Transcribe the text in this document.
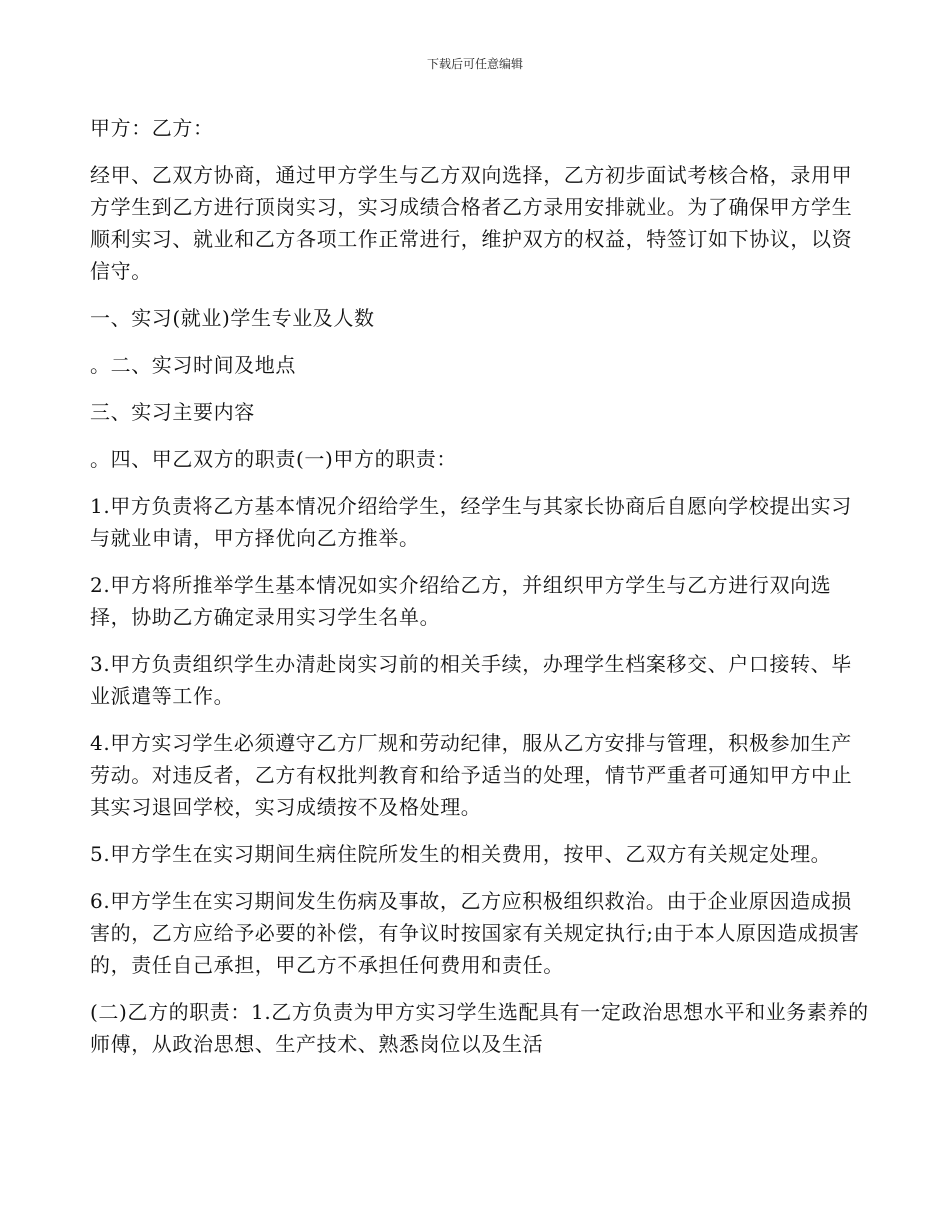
下载后可任意编辑

甲方：乙方：

经甲、乙双方协商，通过甲方学生与乙方双向选择，乙方初步面试考核合格，录用甲方学生到乙方进行顶岗实习，实习成绩合格者乙方录用安排就业。为了确保甲方学生顺利实习、就业和乙方各项工作正常进行，维护双方的权益，特签订如下协议，以资信守。

一、实习(就业)学生专业及人数

。二、实习时间及地点

三、实习主要内容

。四、甲乙双方的职责(一)甲方的职责：

1.甲方负责将乙方基本情况介绍给学生，经学生与其家长协商后自愿向学校提出实习与就业申请，甲方择优向乙方推举。

2.甲方将所推举学生基本情况如实介绍给乙方，并组织甲方学生与乙方进行双向选择，协助乙方确定录用实习学生名单。

3.甲方负责组织学生办清赴岗实习前的相关手续，办理学生档案移交、户口接转、毕业派遣等工作。

4.甲方实习学生必须遵守乙方厂规和劳动纪律，服从乙方安排与管理，积极参加生产劳动。对违反者，乙方有权批判教育和给予适当的处理，情节严重者可通知甲方中止其实习退回学校，实习成绩按不及格处理。

5.甲方学生在实习期间生病住院所发生的相关费用，按甲、乙双方有关规定处理。

6.甲方学生在实习期间发生伤病及事故，乙方应积极组织救治。由于企业原因造成损害的，乙方应给予必要的补偿，有争议时按国家有关规定执行;由于本人原因造成损害的，责任自己承担，甲乙方不承担任何费用和责任。

(二)乙方的职责：1.乙方负责为甲方实习学生选配具有一定政治思想水平和业务素养的师傅，从政治思想、生产技术、熟悉岗位以及生活
